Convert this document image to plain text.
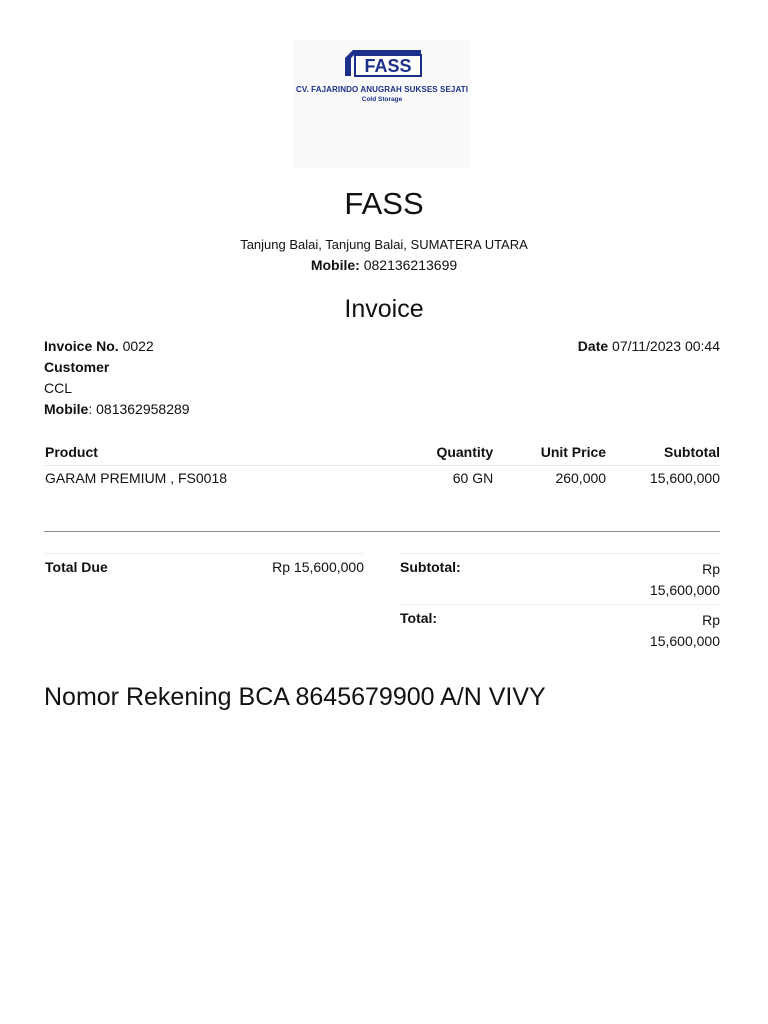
FASS
CV. FAJARINDO ANUGRAH SUKSES SEJATI
Cold Storage
FASS
Tanjung Balai, Tanjung Balai, SUMATERA UTARA
Mobile: 082136213699
Invoice
Invoice No. 0022
Customer
CCL
Mobile: 081362958289
Date 07/11/2023 00:44
Product	Quantity	Unit Price	Subtotal
GARAM PREMIUM , FS0018	60 GN	260,000	15,600,000
Total Due	Rp 15,600,000	Subtotal:	Rp
15,600,000
Total:	Rp
15,600,000
Nomor Rekening BCA 8645679900 A/N VIVY
